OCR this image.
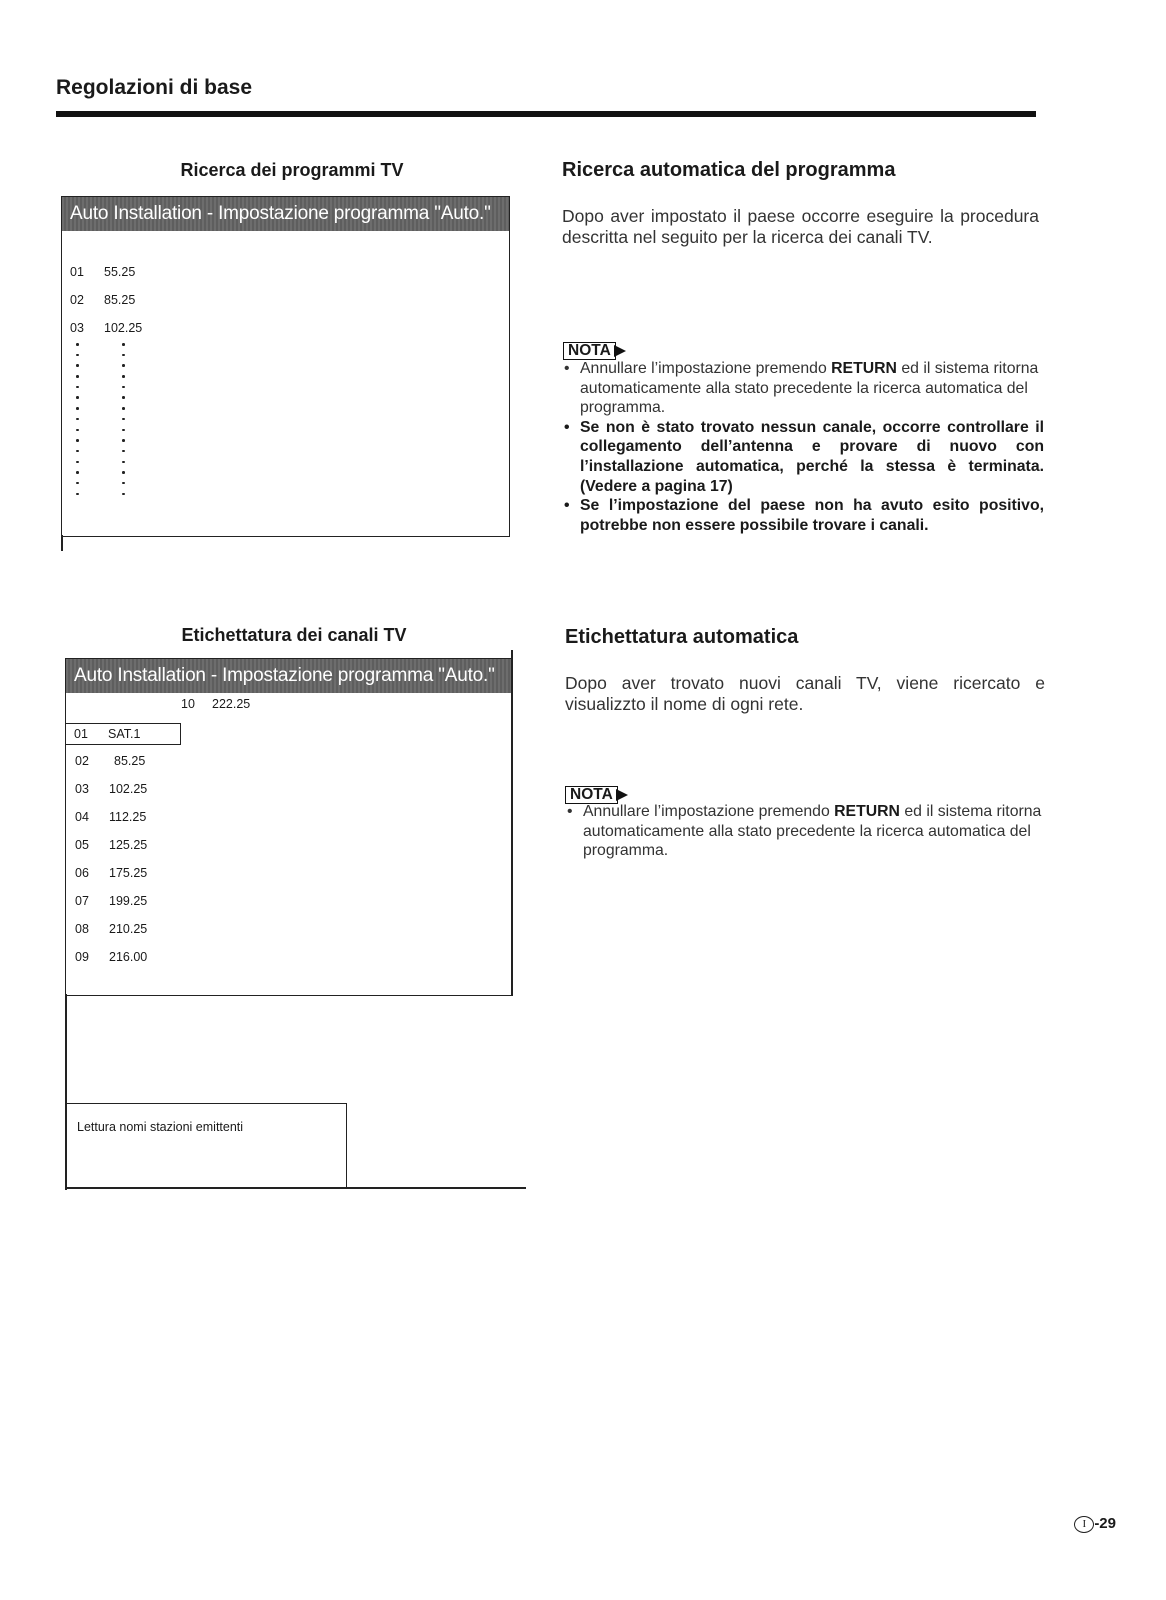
Regolazioni di base
Ricerca dei programmi TV
Auto Installation - Impostazione programma "Auto."
01 55.25
02 85.25
03 102.25
Ricerca automatica del programma
Dopo aver impostato il paese occorre eseguire la procedura descritta nel seguito per la ricerca dei canali TV.
NOTA
• Annullare l’impostazione premendo RETURN ed il sistema ritorna automaticamente alla stato precedente la ricerca automatica del programma.
• Se non è stato trovato nessun canale, occorre controllare il collegamento dell’antenna e provare di nuovo con l’installazione automatica, perché la stessa è terminata. (Vedere a pagina 17)
• Se l’impostazione del paese non ha avuto esito positivo, potrebbe non essere possibile trovare i canali.
Etichettatura dei canali TV
Auto Installation - Impostazione programma "Auto."
10 222.25
01 SAT.1
02 85.25
03 102.25
04 112.25
05 125.25
06 175.25
07 199.25
08 210.25
09 216.00
Lettura nomi stazioni emittenti
Etichettatura automatica
Dopo aver trovato nuovi canali TV, viene ricercato e visualizzto il nome di ogni rete.
NOTA
• Annullare l’impostazione premendo RETURN ed il sistema ritorna automaticamente alla stato precedente la ricerca automatica del programma.
I -29
